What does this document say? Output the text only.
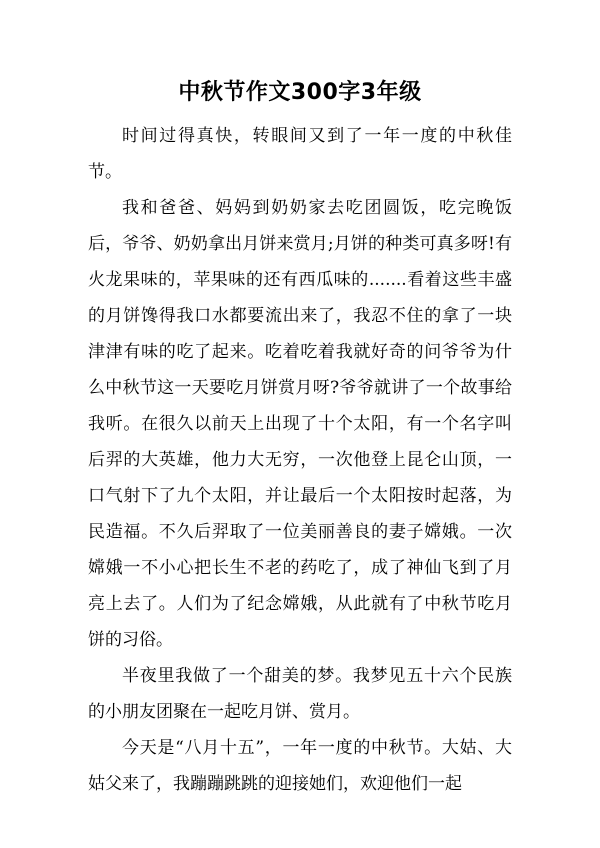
中秋节作文300字3年级

时间过得真快，转眼间又到了一年一度的中秋佳节。

我和爸爸、妈妈到奶奶家去吃团圆饭，吃完晚饭后，爷爷、奶奶拿出月饼来赏月;月饼的种类可真多呀!有火龙果味的，苹果味的还有西瓜味的.......看着这些丰盛的月饼馋得我口水都要流出来了，我忍不住的拿了一块津津有味的吃了起来。吃着吃着我就好奇的问爷爷为什么中秋节这一天要吃月饼赏月呀?爷爷就讲了一个故事给我听。在很久以前天上出现了十个太阳，有一个名字叫后羿的大英雄，他力大无穷，一次他登上昆仑山顶，一口气射下了九个太阳，并让最后一个太阳按时起落，为民造福。不久后羿取了一位美丽善良的妻子嫦娥。一次嫦娥一不小心把长生不老的药吃了，成了神仙飞到了月亮上去了。人们为了纪念嫦娥，从此就有了中秋节吃月饼的习俗。

半夜里我做了一个甜美的梦。我梦见五十六个民族的小朋友团聚在一起吃月饼、赏月。

今天是“八月十五”，一年一度的中秋节。大姑、大姑父来了，我蹦蹦跳跳的迎接她们，欢迎他们一起
